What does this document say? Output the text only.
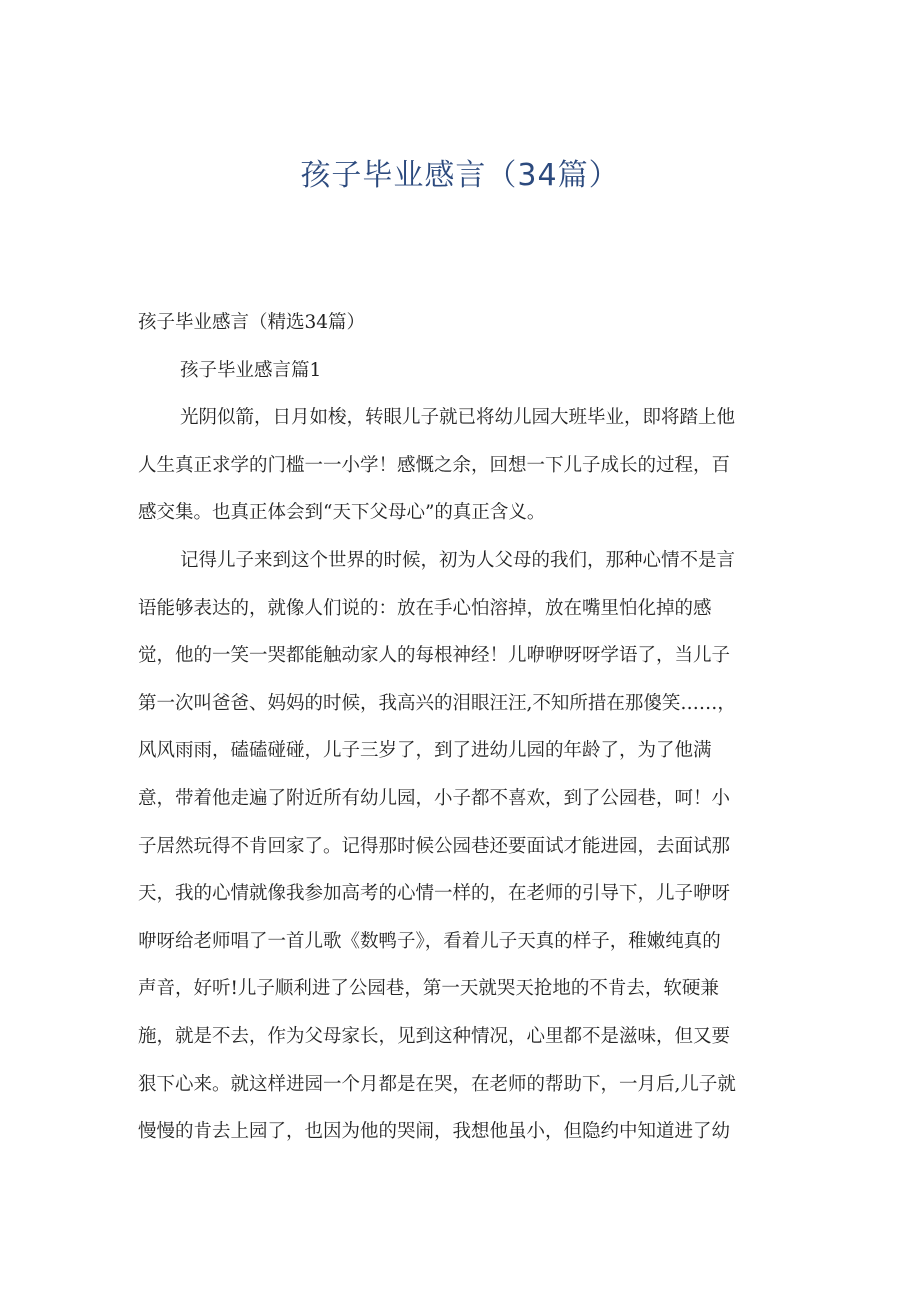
孩子毕业感言（34篇）

孩子毕业感言（精选34篇）

孩子毕业感言篇1

光阴似箭，日月如梭，转眼儿子就已将幼儿园大班毕业，即将踏上他

人生真正求学的门槛一一小学！感慨之余，回想一下儿子成长的过程，百

感交集。也真正体会到“天下父母心”的真正含义。

记得儿子来到这个世界的时候，初为人父母的我们，那种心情不是言

语能够表达的，就像人们说的：放在手心怕溶掉，放在嘴里怕化掉的感

觉，他的一笑一哭都能触动家人的每根神经！儿咿咿呀呀学语了，当儿子

第一次叫爸爸、妈妈的时候，我高兴的泪眼汪汪,不知所措在那傻笑……，

风风雨雨，磕磕碰碰，儿子三岁了，到了进幼儿园的年龄了，为了他满

意，带着他走遍了附近所有幼儿园，小子都不喜欢，到了公园巷，呵！小

子居然玩得不肯回家了。记得那时候公园巷还要面试才能进园，去面试那

天，我的心情就像我参加高考的心情一样的，在老师的引导下，儿子咿呀

咿呀给老师唱了一首儿歌《数鸭子》，看着儿子天真的样子，稚嫩纯真的

声音，好听!儿子顺利进了公园巷，第一天就哭天抢地的不肯去，软硬兼

施，就是不去，作为父母家长，见到这种情况，心里都不是滋味，但又要

狠下心来。就这样进园一个月都是在哭，在老师的帮助下，一月后,儿子就

慢慢的肯去上园了，也因为他的哭闹，我想他虽小，但隐约中知道进了幼
